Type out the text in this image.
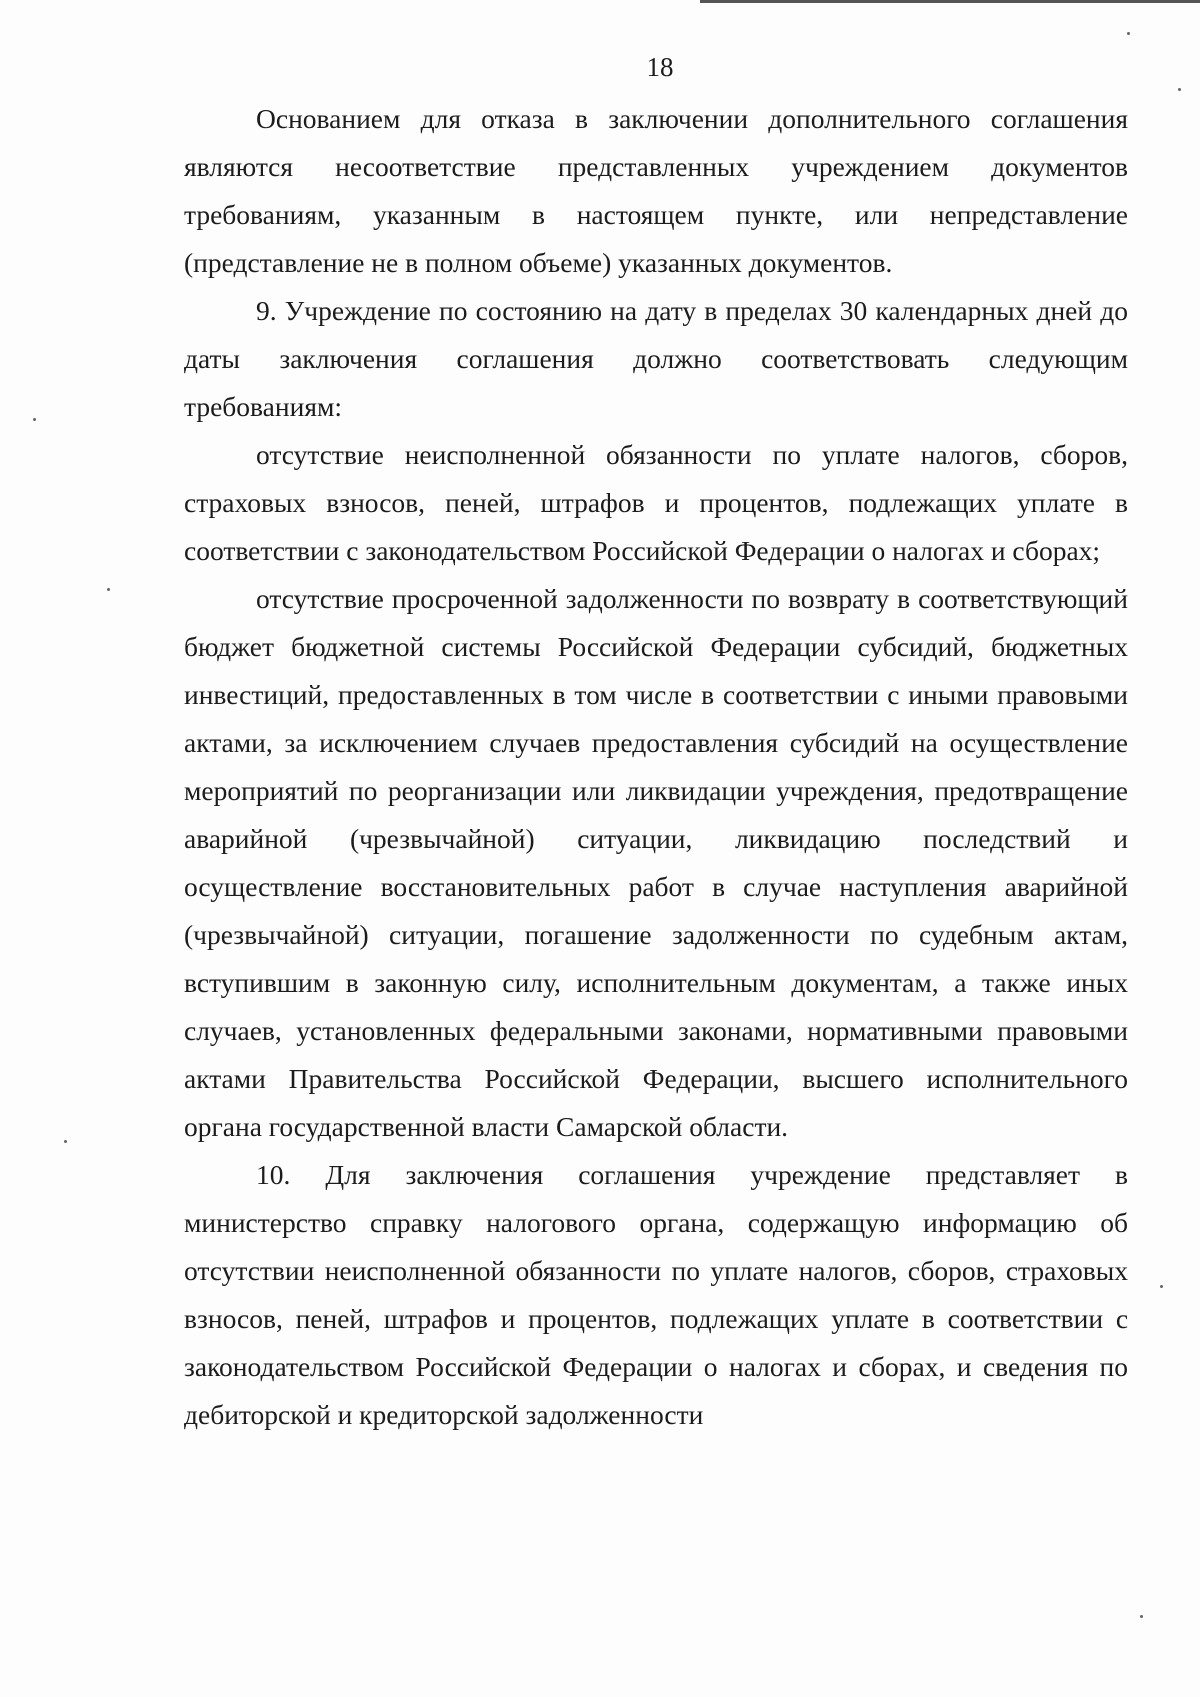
18

Основанием для отказа в заключении дополнительного соглашения являются несоответствие представленных учреждением документов требованиям, указанным в настоящем пункте, или непредставление (представление не в полном объеме) указанных документов.

9. Учреждение по состоянию на дату в пределах 30 календарных дней до даты заключения соглашения должно соответствовать следующим требованиям:

отсутствие неисполненной обязанности по уплате налогов, сборов, страховых взносов, пеней, штрафов и процентов, подлежащих уплате в соответствии с законодательством Российской Федерации о налогах и сборах;

отсутствие просроченной задолженности по возврату в соответствующий бюджет бюджетной системы Российской Федерации субсидий, бюджетных инвестиций, предоставленных в том числе в соответствии с иными правовыми актами, за исключением случаев предоставления субсидий на осуществление мероприятий по реорганизации или ликвидации учреждения, предотвращение аварийной (чрезвычайной) ситуации, ликвидацию последствий и осуществление восстановительных работ в случае наступления аварийной (чрезвычайной) ситуации, погашение задолженности по судебным актам, вступившим в законную силу, исполнительным документам, а также иных случаев, установленных федеральными законами, нормативными правовыми актами Правительства Российской Федерации, высшего исполнительного органа государственной власти Самарской области.

10. Для заключения соглашения учреждение представляет в министерство справку налогового органа, содержащую информацию об отсутствии неисполненной обязанности по уплате налогов, сборов, страховых взносов, пеней, штрафов и процентов, подлежащих уплате в соответствии с законодательством Российской Федерации о налогах и сборах, и сведения по дебиторской и кредиторской задолженности
